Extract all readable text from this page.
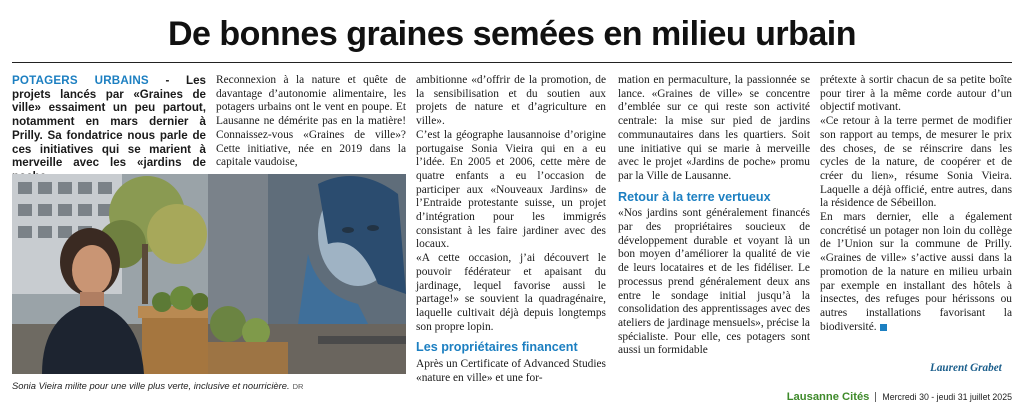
De bonnes graines semées en milieu urbain
POTAGERS URBAINS - Les projets lancés par «Graines de ville» essaiment un peu partout, notamment en mars dernier à Prilly. Sa fondatrice nous parle de ces initiatives qui se marient à merveille avec les «jardins de
Sonia Vieira milite pour une ville plus verte, inclusive et nourricière. DR

Reconnexion à la nature et quête de davantage d’autonomie alimentaire, les potagers urbains ont le vent en poupe. Et Lausanne ne démérite pas en la matière! Connaissez-vous «Graines de ville»? Cette initiative, née en 2019 dans la capitale vaudoise,

ambitionne «d’offrir de la promotion, de la sensibilisation et du soutien aux projets de nature et d’agriculture en ville».

C’est la géographe lausannoise d’origine portugaise Sonia Vieira qui en a eu l’idée. En 2005 et 2006, cette mère de quatre enfants a eu l’occasion de participer aux «Nouveaux Jardins» de l’Entraide protestante suisse, un projet d’intégration pour les immigrés consistant à les faire jardiner avec des locaux.

«A cette occasion, j’ai découvert le pouvoir fédérateur et apaisant du jardinage, lequel favorise aussi le partage!» se souvient la quadragénaire, laquelle cultivait déjà depuis longtemps son propre lopin.

Les propriétaires financent

Après un Certificate of Advanced Studies «nature en ville» et une for-

mation en permaculture, la passionnée se lance. «Graines de ville» se concentre d’emblée sur ce qui reste son activité centrale: la mise sur pied de jardins communautaires dans les quartiers. Soit une initiative qui se marie à merveille avec le projet «Jardins de poche» promu par la Ville de Lausanne.

Retour à la terre vertueux

«Nos jardins sont généralement financés par des propriétaires soucieux de développement durable et voyant là un bon moyen d’améliorer la qualité de vie de leurs locataires et de les fidéliser. Le processus prend généralement deux ans entre le sondage initial jusqu’à la consolidation des apprentissages avec des ateliers de jardinage mensuels», précise la spécialiste. Pour elle, ces potagers sont aussi un formidable

prétexte à sortir chacun de sa petite boîte pour tirer à la même corde autour d’un objectif motivant.

«Ce retour à la terre permet de modifier son rapport au temps, de mesurer le prix des choses, de se réinscrire dans les cycles de la nature, de coopérer et de créer du lien», résume Sonia Vieira. Laquelle a déjà officié, entre autres, dans la résidence de Sébeillon.

En mars dernier, elle a également concrétisé un potager non loin du collège de l’Union sur la commune de Prilly. «Graines de ville» s’active aussi dans la promotion de la nature en milieu urbain par exemple en installant des hôtels à insectes, des refuges pour hérissons ou autres installations favorisant la biodiversité.

Laurent Grabet
Lausanne Cités Mercredi 30 - jeudi 31 juillet 2025
